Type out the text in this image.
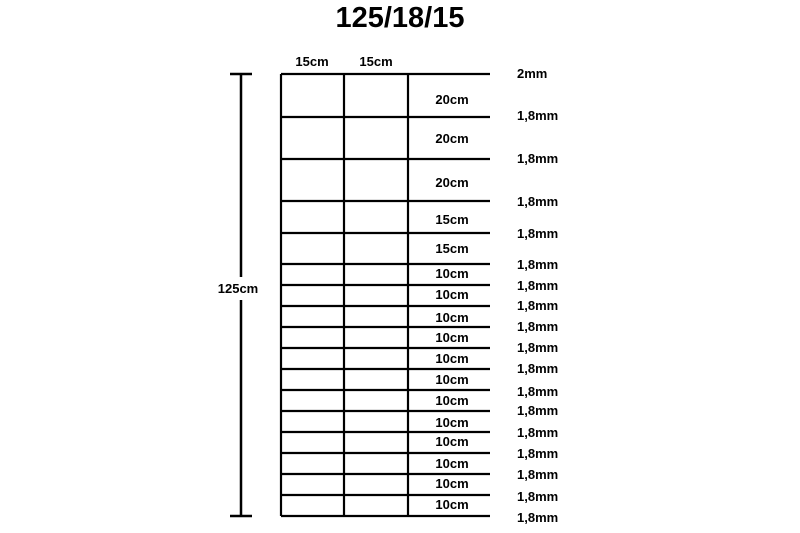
125/18/15
125cm
15cm 15cm
20cm
20cm
20cm
15cm
15cm
10cm
10cm
10cm
10cm
10cm
10cm
10cm
10cm
10cm
10cm
10cm
10cm
2mm
1,8mm
1,8mm
1,8mm
1,8mm
1,8mm
1,8mm
1,8mm
1,8mm
1,8mm
1,8mm
1,8mm
1,8mm
1,8mm
1,8mm
1,8mm
1,8mm
1,8mm
